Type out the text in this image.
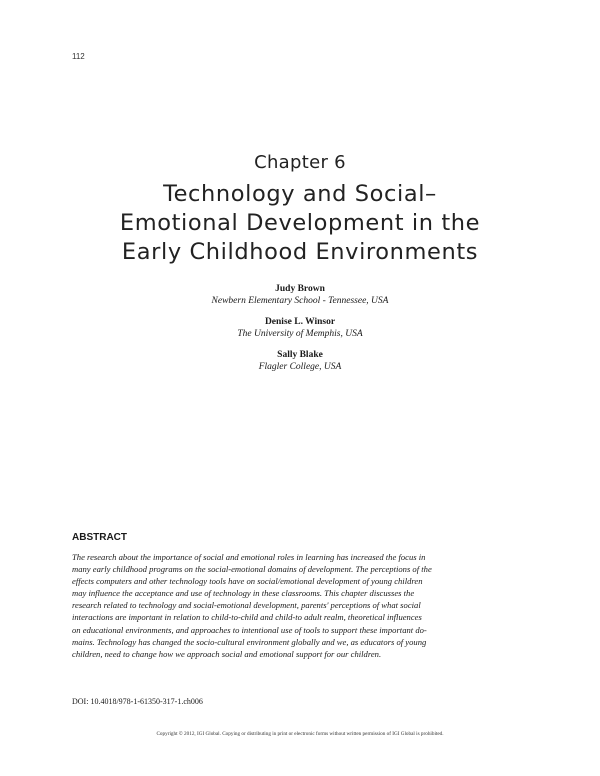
112
Chapter 6
Technology and Social–
Emotional Development in the
Early Childhood Environments
Judy Brown
Newbern Elementary School - Tennessee, USA
Denise L. Winsor
The University of Memphis, USA
Sally Blake
Flagler College, USA
ABSTRACT
The research about the importance of social and emotional roles in learning has increased the focus in
many early childhood programs on the social-emotional domains of development. The perceptions of the
effects computers and other technology tools have on social/emotional development of young children
may influence the acceptance and use of technology in these classrooms. This chapter discusses the
research related to technology and social-emotional development, parents' perceptions of what social
interactions are important in relation to child-to-child and child-to adult realm, theoretical influences
on educational environments, and approaches to intentional use of tools to support these important do-
mains. Technology has changed the socio-cultural environment globally and we, as educators of young
children, need to change how we approach social and emotional support for our children.
DOI: 10.4018/978-1-61350-317-1.ch006
Copyright © 2012, IGI Global. Copying or distributing in print or electronic forms without written permission of IGI Global is prohibited.
